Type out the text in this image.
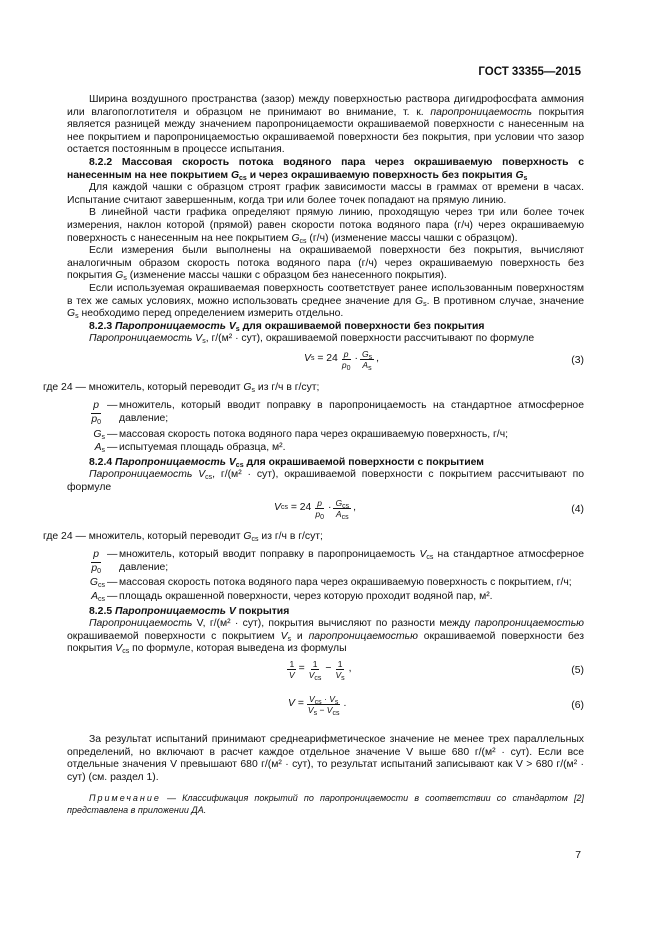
ГОСТ 33355—2015

Ширина воздушного пространства (зазор) между поверхностью раствора дигидрофосфата аммония или влагопоглотителя и образцом не принимают во внимание, т. к. паропроницаемость покрытия является разницей между значением паропроницаемости окрашиваемой поверхности с нанесенным на нее покрытием и паропроницаемостью окрашиваемой поверхности без покрытия, при условии что зазор остается постоянным в процессе испытания.

8.2.2 Массовая скорость потока водяного пара через окрашиваемую поверхность с нанесенным на нее покрытием $G_{cs}$ и через окрашиваемую поверхность без покрытия $G_s$

Для каждой чашки с образцом строят график зависимости массы в граммах от времени в часах. Испытание считают завершенным, когда три или более точек попадают на прямую линию.

В линейной части графика определяют прямую линию, проходящую через три или более точек измерения, наклон которой (прямой) равен скорости потока водяного пара (г/ч) через окрашиваемую поверхность с нанесенным на нее покрытием $G_{cs}$ (г/ч) (изменение массы чашки с образцом).

Если измерения были выполнены на окрашиваемой поверхности без покрытия, вычисляют аналогичным образом скорость потока водяного пара (г/ч) через окрашиваемую поверхность без покрытия $G_s$ (изменение массы чашки с образцом без нанесенного покрытия).

Если используемая окрашиваемая поверхность соответствует ранее использованным поверхностям в тех же самых условиях, можно использовать среднее значение для $G_s$. В противном случае, значение $G_s$ необходимо перед определением измерить отдельно.

8.2.3 Паропроницаемость $V_s$ для окрашиваемой поверхности без покрытия

Паропроницаемость $V_s$, г/(м² · сут), окрашиваемой поверхности рассчитывают по формуле

V $s = 24 \frac{p}{p_0} \cdot \frac{G_s}{A_s}$ ,	(3)
где 24 — множитель, который переводит $G_s$ из г/ч в г/сут;
$\frac{p}{p_0}$ — множитель, который вводит поправку в паропроницаемость на стандартное атмосферное давление;
$G_s$ — массовая скорость потока водяного пара через окрашиваемую поверхность, г/ч;
$A_s$ — испытуемая площадь образца, м².

8.2.4 Паропроницаемость $V_{cs}$ для окрашиваемой поверхности с покрытием

Паропроницаемость $V_{cs}$, г/(м² · сут), окрашиваемой поверхности с покрытием рассчитывают по формуле

V cs = $24 \frac{p}{p_0} \cdot \frac{G_{cs}}{A_{cs}}$ ,	(4)
где 24 — множитель, который переводит $G_{cs}$ из г/ч в г/сут;
$\frac{p}{p_0}$ — множитель, который вводит поправку в паропроницаемость $V_{cs}$ на стандартное атмосферное давление;
$G_{cs}$ — массовая скорость потока водяного пара через окрашиваемую поверхность с покрытием, г/ч;
$A_{cs}$ — площадь окрашенной поверхности, через которую проходит водяной пар, м².

8.2.5 Паропроницаемость V покрытия

Паропроницаемость V, г/(м² · сут), покрытия вычисляют по разности между паропроницаемостью окрашиваемой поверхности с покрытием $V_s$ и паропроницаемостью окрашиваемой поверхности без покрытия $V_{cs}$ по формуле, которая выведена из формулы

$\frac{1}{V} = \frac{1}{V_{cs}} - \frac{1}{V_s}$ ,	(5)
$V = \frac{V_{cs} \cdot V_s}{V_s - V_{cs}}$ .	(6)

За результат испытаний принимают среднеарифметическое значение не менее трех параллельных определений, но включают в расчет каждое отдельное значение V выше 680 г/(м² · сут). Если все отдельные значения V превышают 680 г/(м² · сут), то результат испытаний записывают как V > 680 г/(м² · сут) (см. раздел 1).

Примечание — Классификация покрытий по паропроницаемости в соответствии со стандартом [2] представлена в приложении ДА.

7
